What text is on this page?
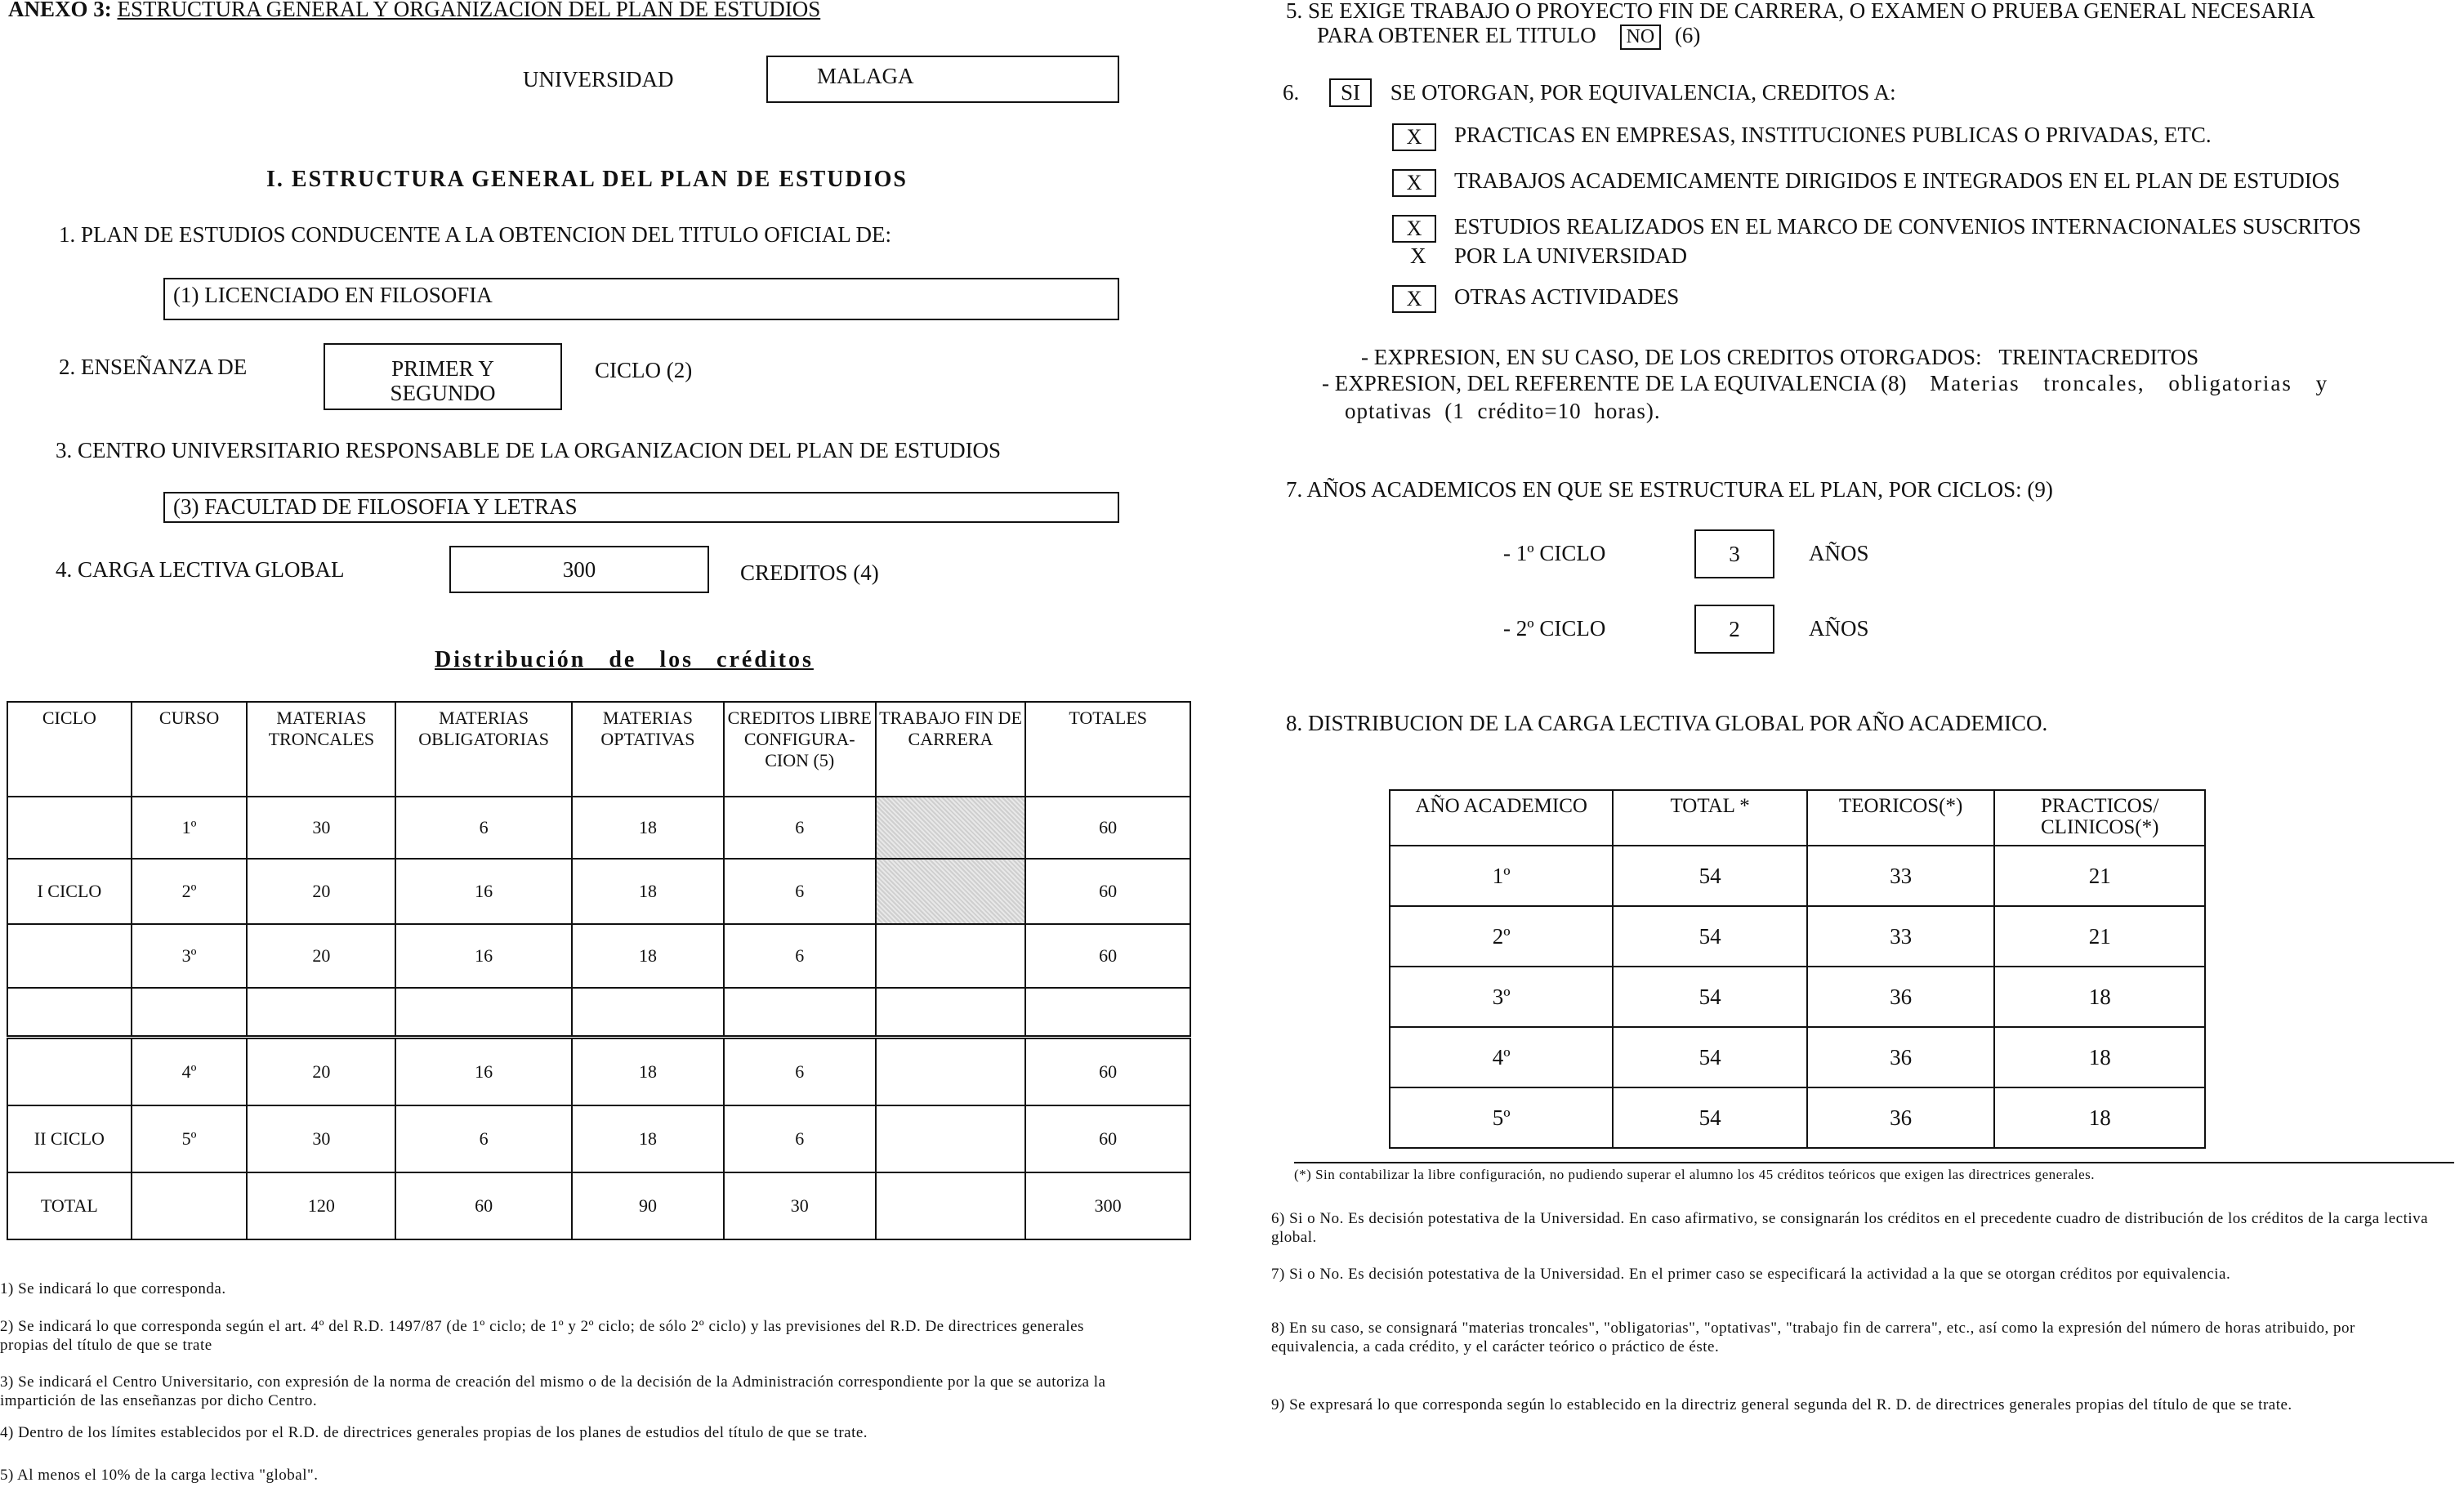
ANEXO 3: ESTRUCTURA GENERAL Y ORGANIZACION DEL PLAN DE ESTUDIOS
UNIVERSIDAD	MALAGA
I. ESTRUCTURA GENERAL DEL PLAN DE ESTUDIOS
1. PLAN DE ESTUDIOS CONDUCENTE A LA OBTENCION DEL TITULO OFICIAL DE:
(1) LICENCIADO EN FILOSOFIA
2. ENSEÑANZA DE	PRIMER Y
SEGUNDO
CICLO (2)
3. CENTRO UNIVERSITARIO RESPONSABLE DE LA ORGANIZACION DEL PLAN DE ESTUDIOS
(3) FACULTAD DE FILOSOFIA Y LETRAS
4. CARGA LECTIVA GLOBAL	300	CREDITOS (4)
Distribución de los créditos
CICLO	CURSO	MATERIAS TRONCALES	MATERIAS OBLIGATORIAS	MATERIAS OPTATIVAS	CREDITOS LIBRE CONFIGURA- CION (5)	TRABAJO FIN DE CARRERA	TOTALES
	1º	30	6	18	6		60
I CICLO	2º	20	16	18	6		60
	3º	20	16	18	6		60

	4º	20	16	18	6		60
II CICLO	5º	30	6	18	6		60
TOTAL		120	60	90	30		300
1) Se indicará lo que corresponda.
2) Se indicará lo que corresponda según el art. 4º del R.D. 1497/87 (de 1º ciclo; de 1º y 2º ciclo; de sólo 2º ciclo) y las previsiones del R.D. De directrices generales propias del título de que se trate
3) Se indicará el Centro Universitario, con expresión de la norma de creación del mismo o de la decisión de la Administración correspondiente por la que se autoriza la impartición de las enseñanzas por dicho Centro.
4) Dentro de los límites establecidos por el R.D. de directrices generales propias de los planes de estudios del título de que se trate.
5) Al menos el 10% de la carga lectiva "global".
5. SE EXIGE TRABAJO O PROYECTO FIN DE CARRERA, O EXAMEN O PRUEBA GENERAL NECESARIA
PARA OBTENER EL TITULO NO (6)
6. SI SE OTORGAN, POR EQUIVALENCIA, CREDITOS A:
X PRACTICAS EN EMPRESAS, INSTITUCIONES PUBLICAS O PRIVADAS, ETC.
X TRABAJOS ACADEMICAMENTE DIRIGIDOS E INTEGRADOS EN EL PLAN DE ESTUDIOS
X ESTUDIOS REALIZADOS EN EL MARCO DE CONVENIOS INTERNACIONALES SUSCRITOS
X POR LA UNIVERSIDAD
X OTRAS ACTIVIDADES
- EXPRESION, EN SU CASO, DE LOS CREDITOS OTORGADOS: TREINTACREDITOS
- EXPRESION, DEL REFERENTE DE LA EQUIVALENCIA (8) Materias troncales, obligatorias y
optativas (1 crédito=10 horas).
7. AÑOS ACADEMICOS EN QUE SE ESTRUCTURA EL PLAN, POR CICLOS: (9)
- 1º CICLO	3	AÑOS
- 2º CICLO	2	AÑOS
8. DISTRIBUCION DE LA CARGA LECTIVA GLOBAL POR AÑO ACADEMICO.
AÑO ACADEMICO	TOTAL *	TEORICOS(*)	PRACTICOS/ CLINICOS(*)
1º	54	33	21
2º	54	33	21
3º	54	36	18
4º	54	36	18
5º	54	36	18
(*) Sin contabilizar la libre configuración, no pudiendo superar el alumno los 45 créditos teóricos que exigen las directrices generales.
6) Si o No. Es decisión potestativa de la Universidad. En caso afirmativo, se consignarán los créditos en el precedente cuadro de distribución de los créditos de la carga lectiva global.
7) Si o No. Es decisión potestativa de la Universidad. En el primer caso se especificará la actividad a la que se otorgan créditos por equivalencia.
8) En su caso, se consignará "materias troncales", "obligatorias", "optativas", "trabajo fin de carrera", etc., así como la expresión del número de horas atribuido, por equivalencia, a cada crédito, y el carácter teórico o práctico de éste.
9) Se expresará lo que corresponda según lo establecido en la directriz general segunda del R. D. de directrices generales propias del título de que se trate.
